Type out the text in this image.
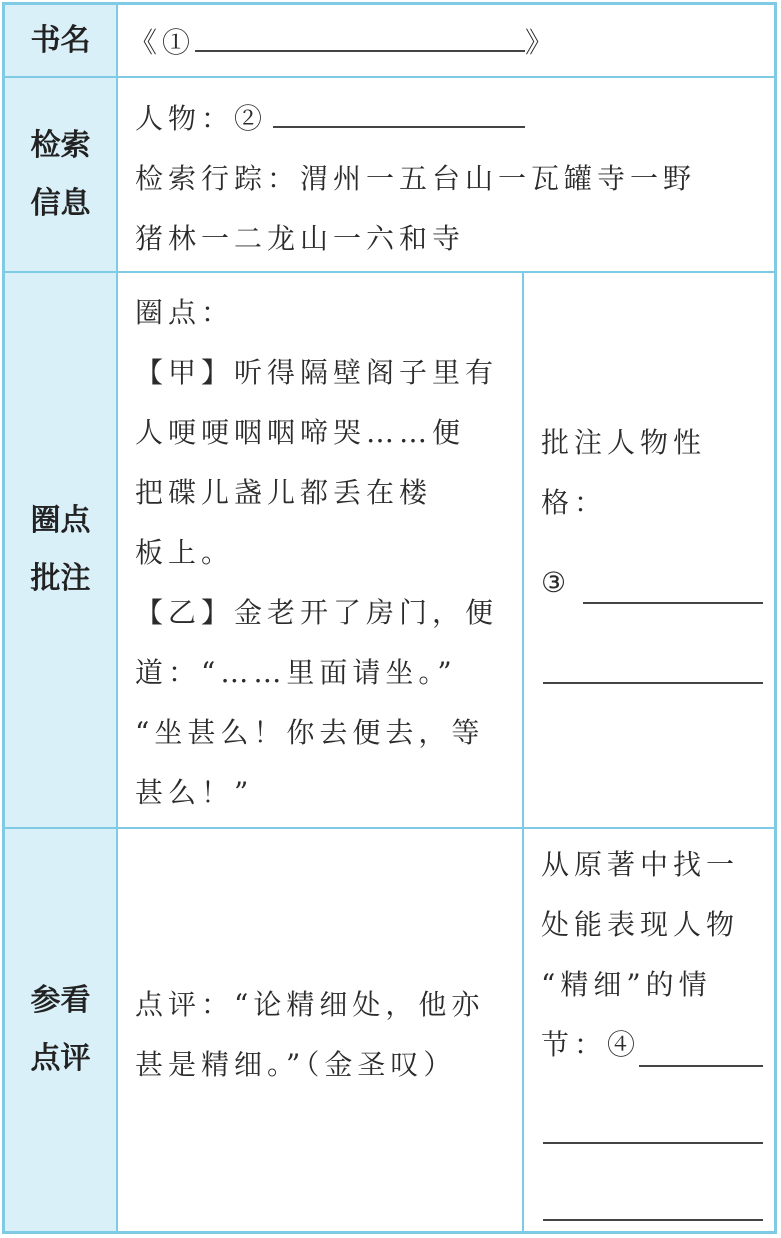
书名
检索
信息
圈点
批注
参看
点评
《①	》
人物：②
检索行踪：渭州一五台山一瓦罐寺一野
猪林一二龙山一六和寺
圈点：
【甲】听得隔壁阁子里有
人哽哽咽咽啼哭……便
把碟儿盏儿都丢在楼
板上。
【乙】金老开了房门，便
道：“……里面请坐。”
“坐甚么！你去便去，等
甚么！”
批注人物性
格：
③
点评：“论精细处，他亦
甚是精细。”（金圣叹）
从原著中找一
处能表现人物
“精细”的情
节：④
